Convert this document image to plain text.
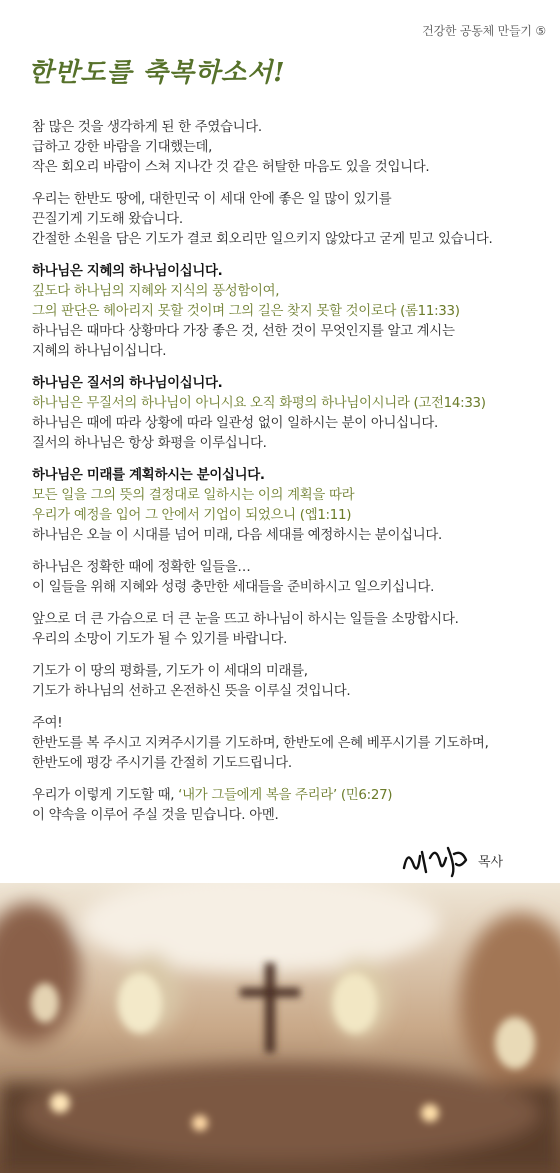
건강한 공동체 만들기 ⑤
한반도를 축복하소서!
참 많은 것을 생각하게 된 한 주였습니다.
급하고 강한 바람을 기대했는데,
작은 회오리 바람이 스쳐 지나간 것 같은 허탈한 마음도 있을 것입니다.
우리는 한반도 땅에, 대한민국 이 세대 안에 좋은 일 많이 있기를
끈질기게 기도해 왔습니다.
간절한 소원을 담은 기도가 결코 회오리만 일으키지 않았다고 굳게 믿고 있습니다.
하나님은 지혜의 하나님이십니다.
깊도다 하나님의 지혜와 지식의 풍성함이여,
그의 판단은 헤아리지 못할 것이며 그의 길은 찾지 못할 것이로다 (롬11:33)
하나님은 때마다 상황마다 가장 좋은 것, 선한 것이 무엇인지를 알고 계시는
지혜의 하나님이십니다.
하나님은 질서의 하나님이십니다.
하나님은 무질서의 하나님이 아니시요 오직 화평의 하나님이시니라 (고전14:33)
하나님은 때에 따라 상황에 따라 일관성 없이 일하시는 분이 아니십니다.
질서의 하나님은 항상 화평을 이루십니다.
하나님은 미래를 계획하시는 분이십니다.
모든 일을 그의 뜻의 결정대로 일하시는 이의 계획을 따라
우리가 예정을 입어 그 안에서 기업이 되었으니 (엡1:11)
하나님은 오늘 이 시대를 넘어 미래, 다음 세대를 예정하시는 분이십니다.
하나님은 정확한 때에 정확한 일들을…
이 일들을 위해 지혜와 성령 충만한 세대들을 준비하시고 일으키십니다.
앞으로 더 큰 가슴으로 더 큰 눈을 뜨고 하나님이 하시는 일들을 소망합시다.
우리의 소망이 기도가 될 수 있기를 바랍니다.
기도가 이 땅의 평화를, 기도가 이 세대의 미래를,
기도가 하나님의 선하고 온전하신 뜻을 이루실 것입니다.
주여!
한반도를 복 주시고 지켜주시기를 기도하며, 한반도에 은혜 베푸시기를 기도하며,
한반도에 평강 주시기를 간절히 기도드립니다.
우리가 이렇게 기도할 때, ‘내가 그들에게 복을 주리라’ (민6:27)
이 약속을 이루어 주실 것을 믿습니다. 아멘.
목사
